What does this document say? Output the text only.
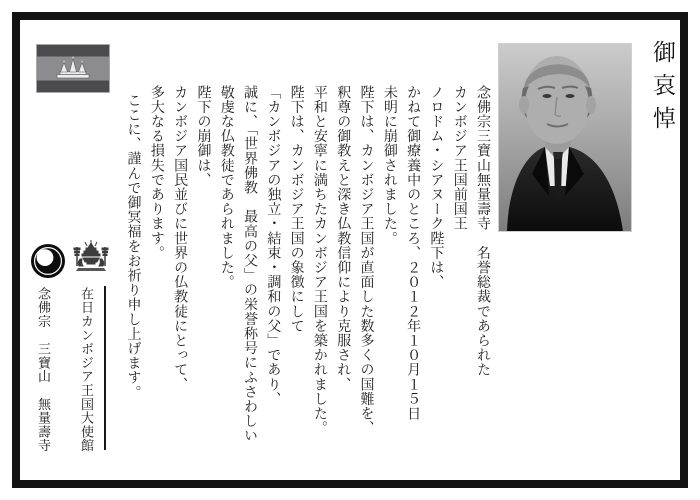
御哀悼
念佛宗三寶山無量壽寺　名誉総裁であられた
カンボジア王国前国王
ノロドム・シアヌーク陛下は、
かねて御療養中のところ、２０１２年１０月１５日
未明に崩御されました。
陛下は、カンボジア王国が直面した数多くの国難を、
釈尊の御教えと深き仏教信仰により克服され、
平和と安寧に満ちたカンボジア王国を築かれました。
陛下は、カンボジア王国の象徴にして
「カンボジアの独立・結束・調和の父」であり、
誠に、「世界佛教　最高の父」の栄誉称号にふさわしい
敬虔な仏教徒であられました。
陛下の崩御は、
カンボジア国民並びに世界の仏教徒にとって、
多大なる損失であります。
ここに、謹んで御冥福をお祈り申し上げます。
在日カンボジア王国大使館
念佛宗　三寶山　無量壽寺
